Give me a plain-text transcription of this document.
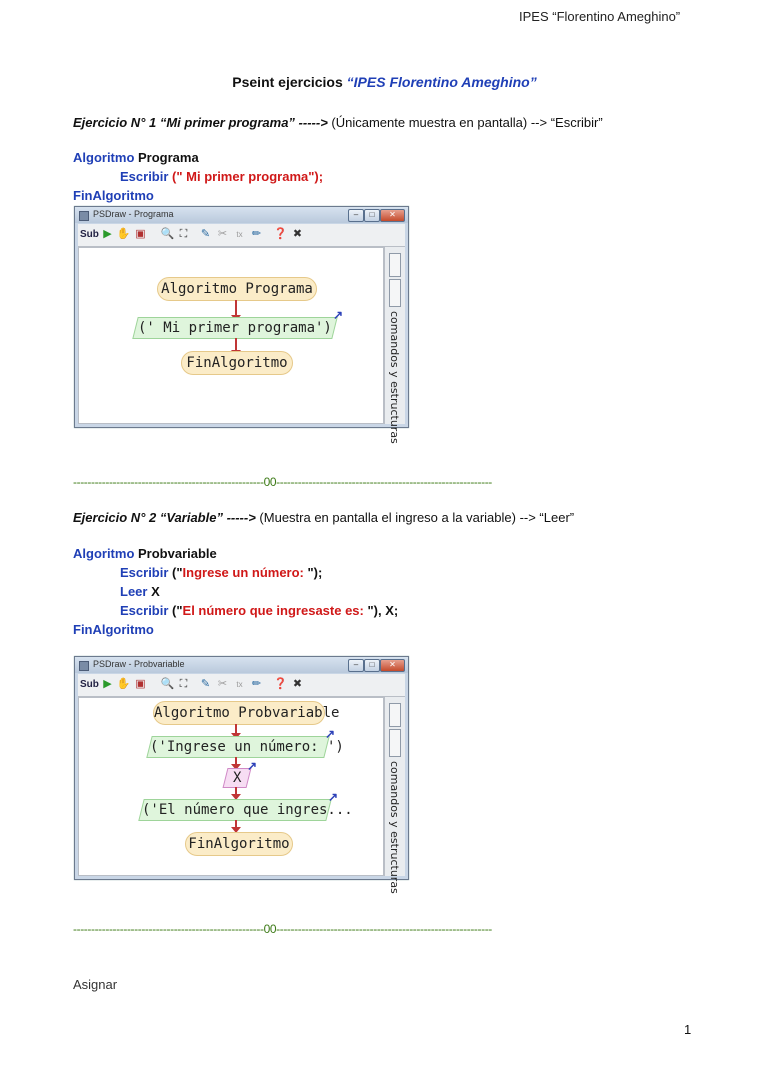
IPES “Florentino Ameghino”
Pseint ejercicios “IPES Florentino Ameghino”
Ejercicio N° 1 “Mi primer programa” -----> (Únicamente muestra en pantalla) --> “Escribir”
Algoritmo Programa
Escribir (" Mi primer programa");
FinAlgoritmo
PSDraw - Programa	–	□	✕
Sub ▶ ✋ ▣ 🔍 ⛶	✎ ✂	tx ✏ ❓ ✖
Algoritmo Programa
(' Mi primer programa')
↗
FinAlgoritmo	comandos y estructuras
-----------------------------------------------------00------------------------------------------------------------
Ejercicio N° 2 “Variable” -----> (Muestra en pantalla el ingreso a la variable) --> “Leer”
Algoritmo Probvariable
Escribir ("Ingrese un número: ");
Leer X
Escribir ("El número que ingresaste es: "), X;
FinAlgoritmo
PSDraw - Probvariable	–	□	✕
Sub ▶ ✋ ▣ 🔍 ⛶	✎ ✂	tx ✏ ❓ ✖
Algoritmo Probvariable
('Ingrese un número: ')
↗
X
↗
('El número que ingres...
↗
FinAlgoritmo	comandos y estructuras
-----------------------------------------------------00------------------------------------------------------------
Asignar
1
